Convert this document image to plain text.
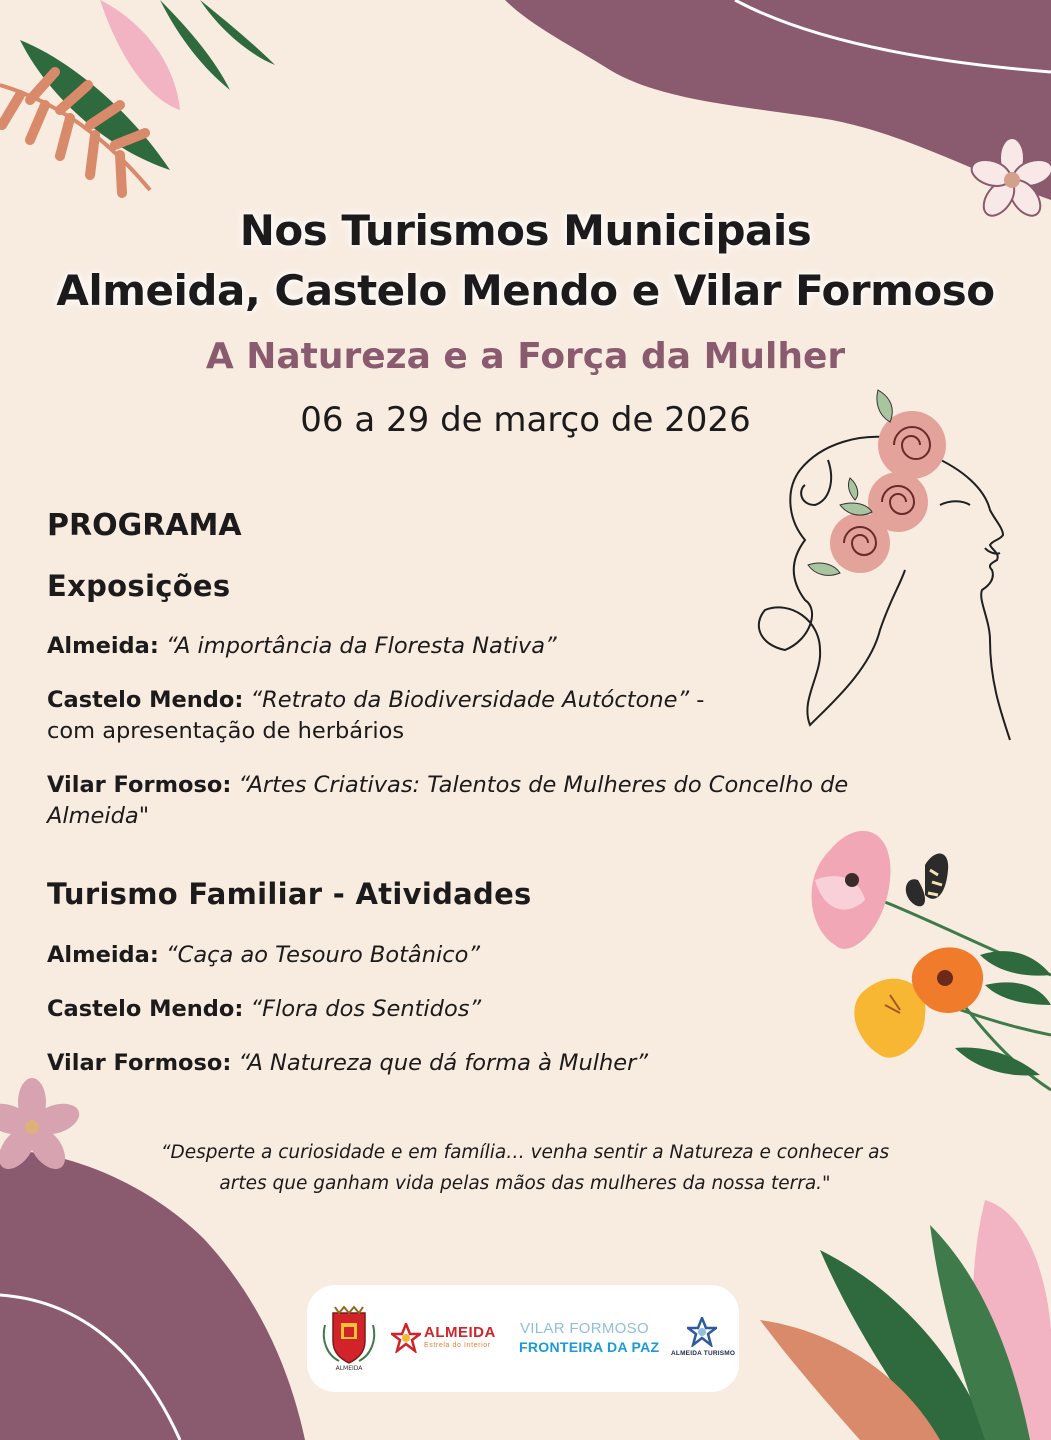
Nos Turismos Municipais
Almeida, Castelo Mendo e Vilar Formoso
A Natureza e a Força da Mulher
06 a 29 de março de 2026
PROGRAMA
Exposições
Almeida: “A importância da Floresta Nativa”
Castelo Mendo: “Retrato da Biodiversidade Autóctone” -
com apresentação de herbários
Vilar Formoso: “Artes Criativas: Talentos de Mulheres do Concelho de
Almeida"
Turismo Familiar - Atividades
Almeida: “Caça ao Tesouro Botânico”
Castelo Mendo: “Flora dos Sentidos”
Vilar Formoso: “A Natureza que dá forma à Mulher”
“Desperte a curiosidade e em família… venha sentir a Natureza e conhecer as
artes que ganham vida pelas mãos das mulheres da nossa terra."
ALMEIDA
ALMEIDA
Estrela do Interior
VILAR FORMOSO
FRONTEIRA DA PAZ ALMEIDA TURISMO
